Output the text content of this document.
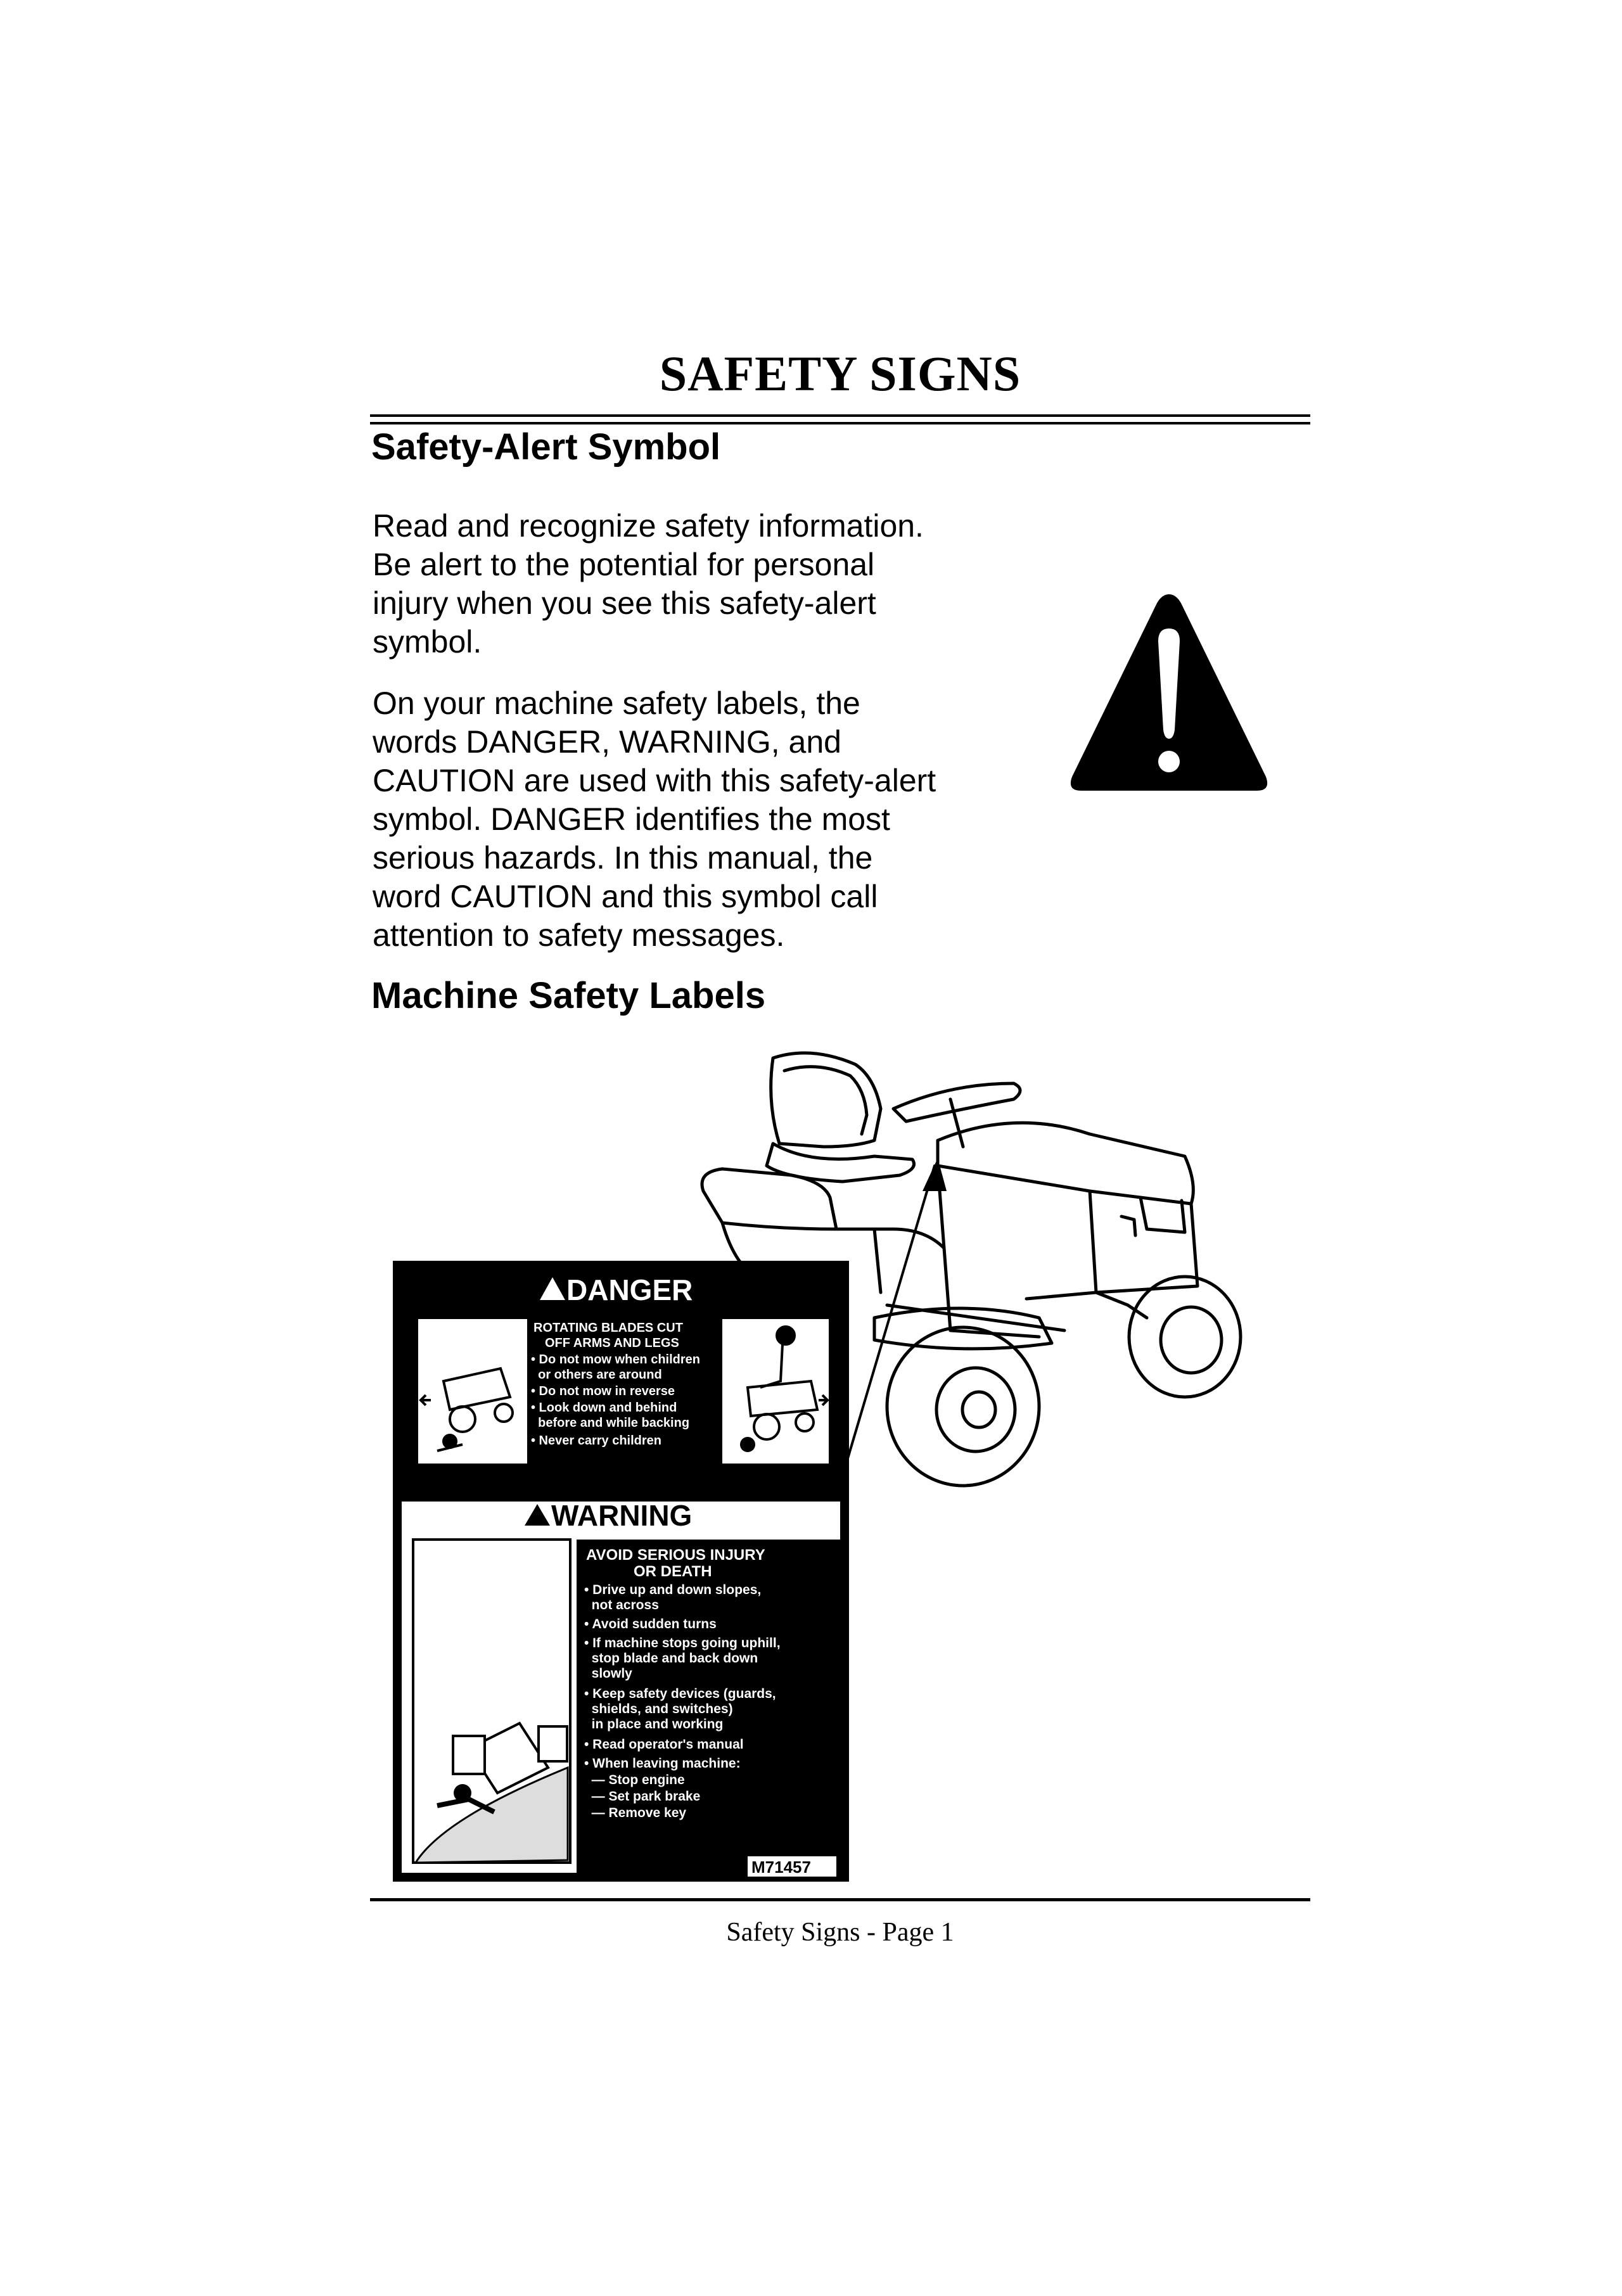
SAFETY SIGNS
Safety-Alert Symbol
Read and recognize safety information.
Be alert to the potential for personal
injury when you see this safety-alert
symbol.
On your machine safety labels, the
words DANGER, WARNING, and
CAUTION are used with this safety-alert
symbol. DANGER identifies the most
serious hazards. In this manual, the
word CAUTION and this symbol call
attention to safety messages.
Machine Safety Labels
DANGER
ROTATING BLADES CUT
OFF ARMS AND LEGS
• Do not mow when children
or others are around
• Do not mow in reverse
• Look down and behind
before and while backing
• Never carry children
WARNING
AVOID SERIOUS INJURY
OR DEATH
• Drive up and down slopes,
not across
• Avoid sudden turns
• If machine stops going uphill,
stop blade and back down
slowly
• Keep safety devices (guards,
shields, and switches)
in place and working
• Read operator's manual
• When leaving machine:
— Stop engine
— Set park brake
— Remove key
M71457
Safety Signs - Page 1
